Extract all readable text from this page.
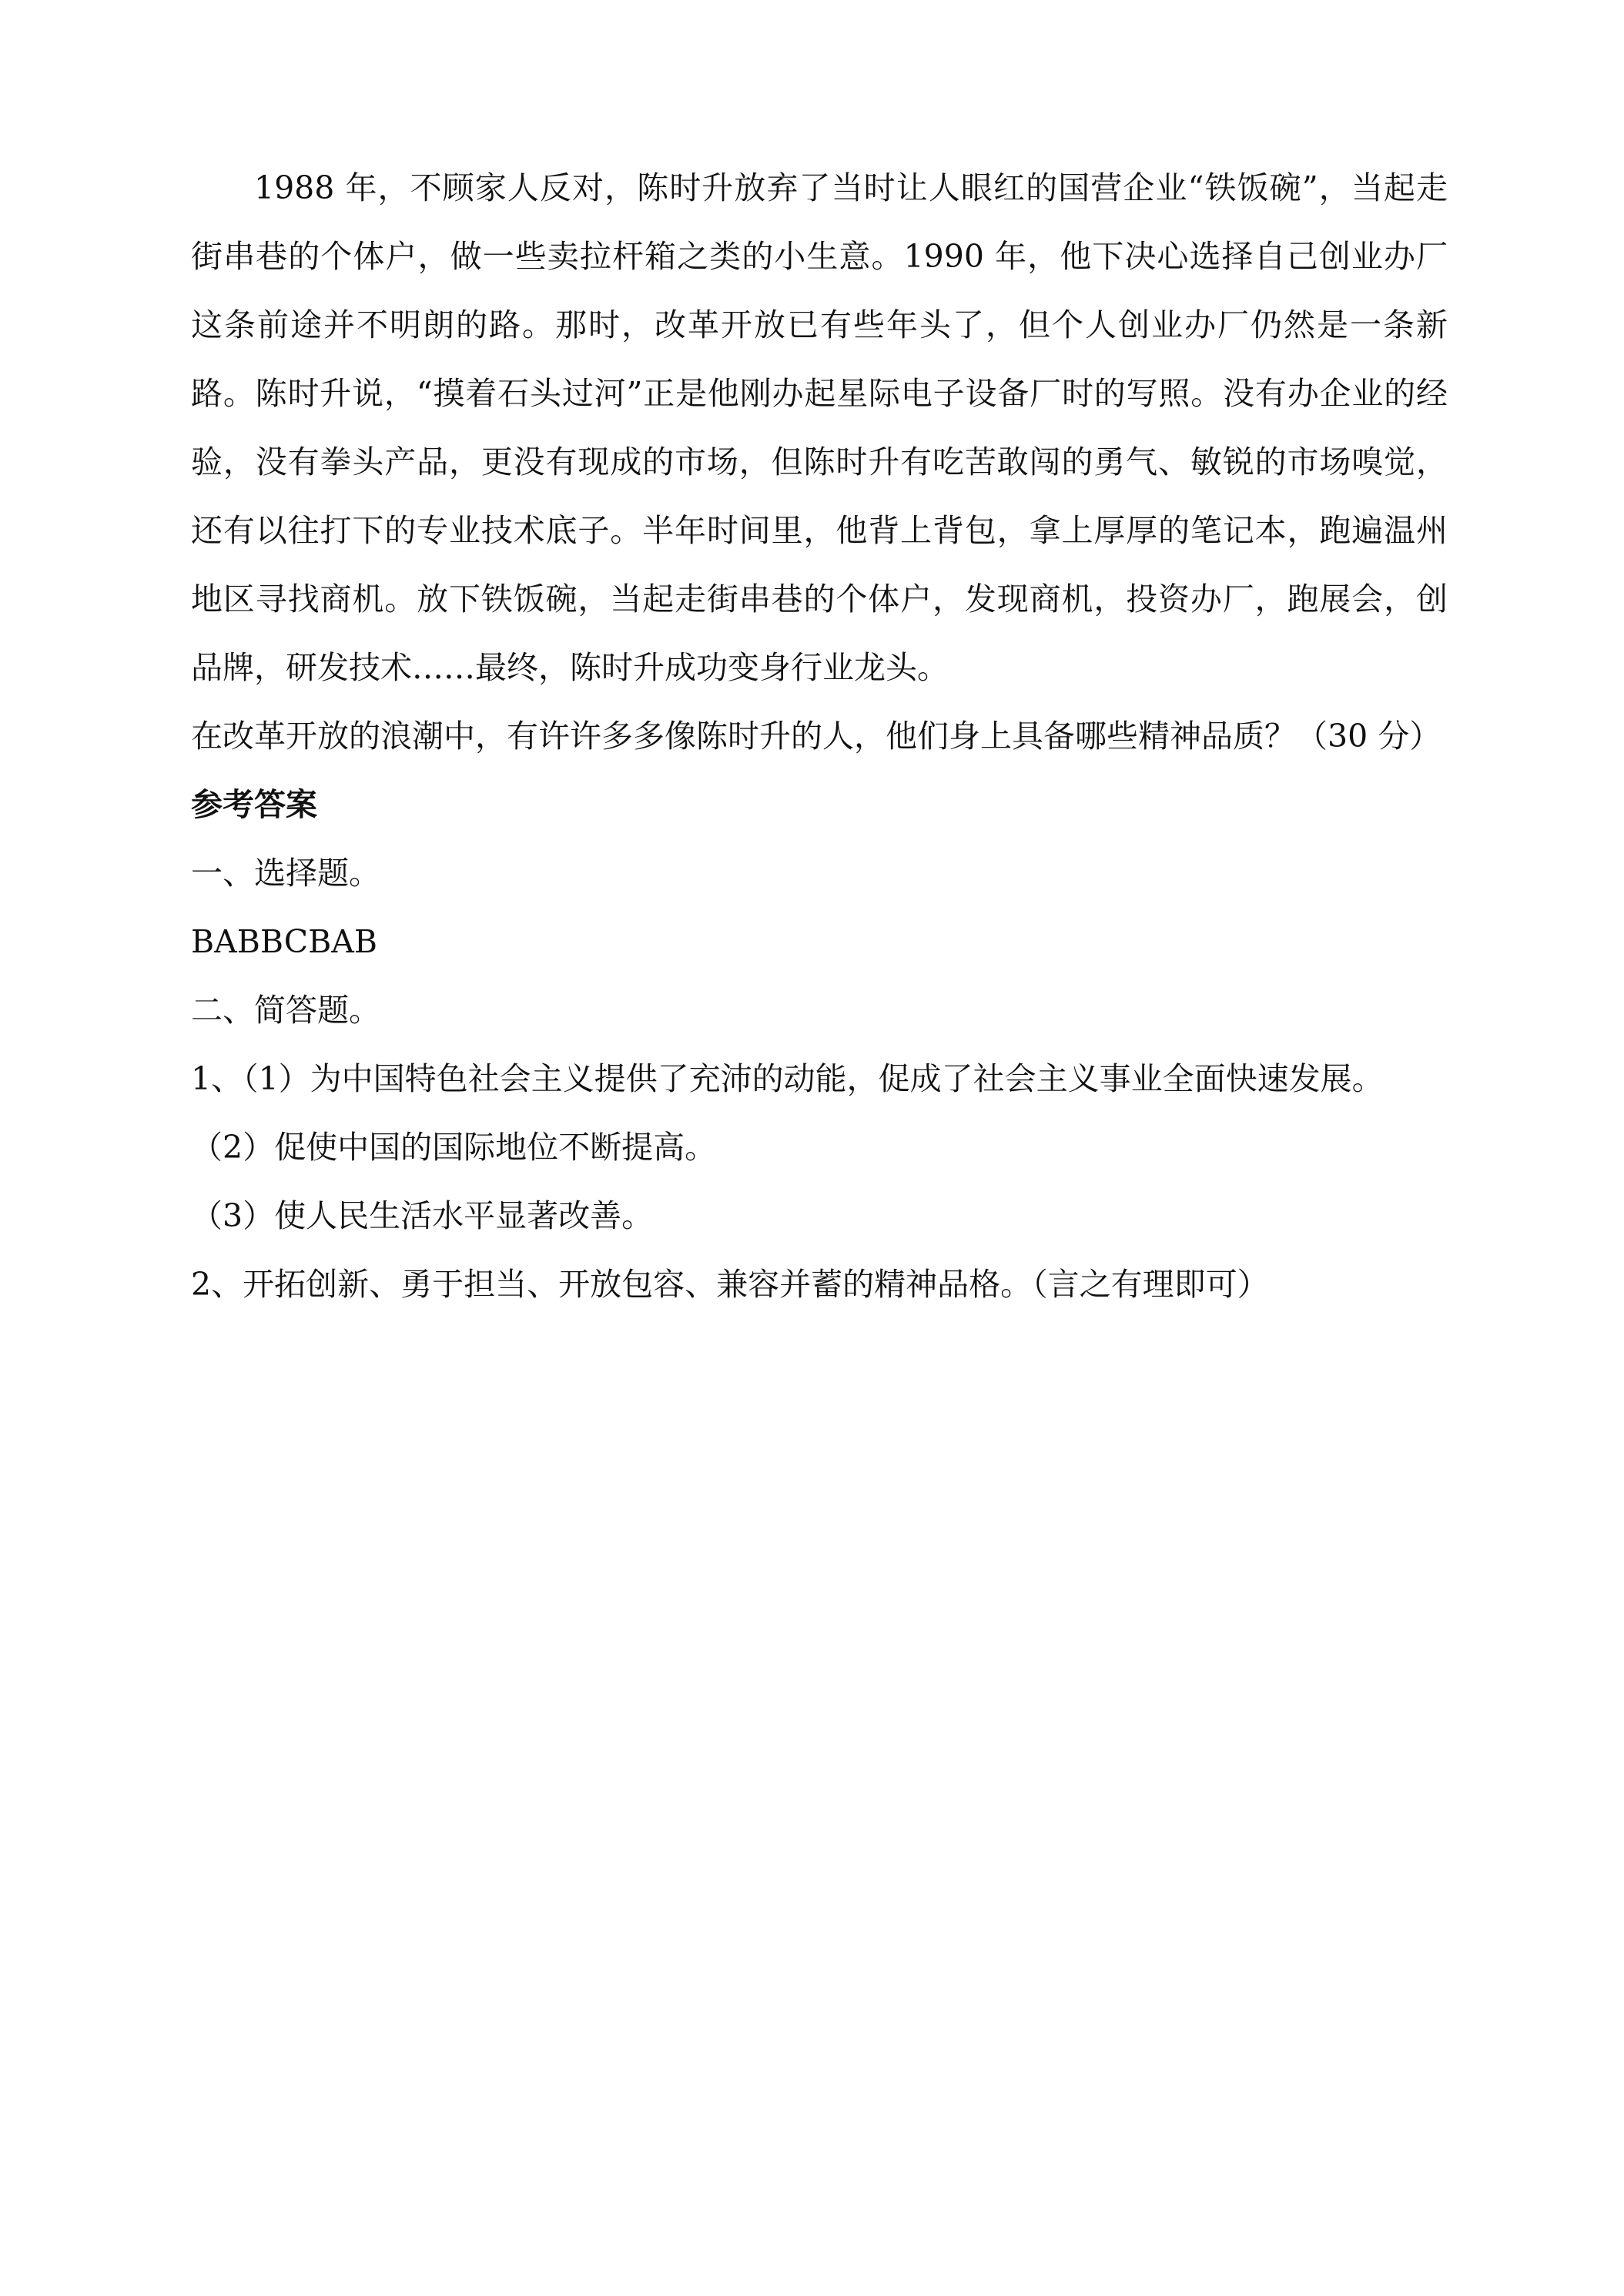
1988 年，不顾家人反对，陈时升放弃了当时让人眼红的国营企业“铁饭碗”，当起走街串巷的个体户，做一些卖拉杆箱之类的小生意。1990 年，他下决心选择自己创业办厂这条前途并不明朗的路。那时，改革开放已有些年头了，但个人创业办厂仍然是一条新路。陈时升说，“摸着石头过河”正是他刚办起星际电子设备厂时的写照。没有办企业的经验，没有拳头产品，更没有现成的市场，但陈时升有吃苦敢闯的勇气、敏锐的市场嗅觉，还有以往打下的专业技术底子。半年时间里，他背上背包，拿上厚厚的笔记本，跑遍温州地区寻找商机。放下铁饭碗，当起走街串巷的个体户，发现商机，投资办厂，跑展会，创品牌，研发技术……最终，陈时升成功变身行业龙头。

在改革开放的浪潮中，有许许多多像陈时升的人，他们身上具备哪些精神品质？（30 分）

参考答案

一、选择题。

BABBCBAB

二、简答题。

1、（1）为中国特色社会主义提供了充沛的动能，促成了社会主义事业全面快速发展。

（2）促使中国的国际地位不断提高。

（3）使人民生活水平显著改善。

2、开拓创新、勇于担当、开放包容、兼容并蓄的精神品格。（言之有理即可）
